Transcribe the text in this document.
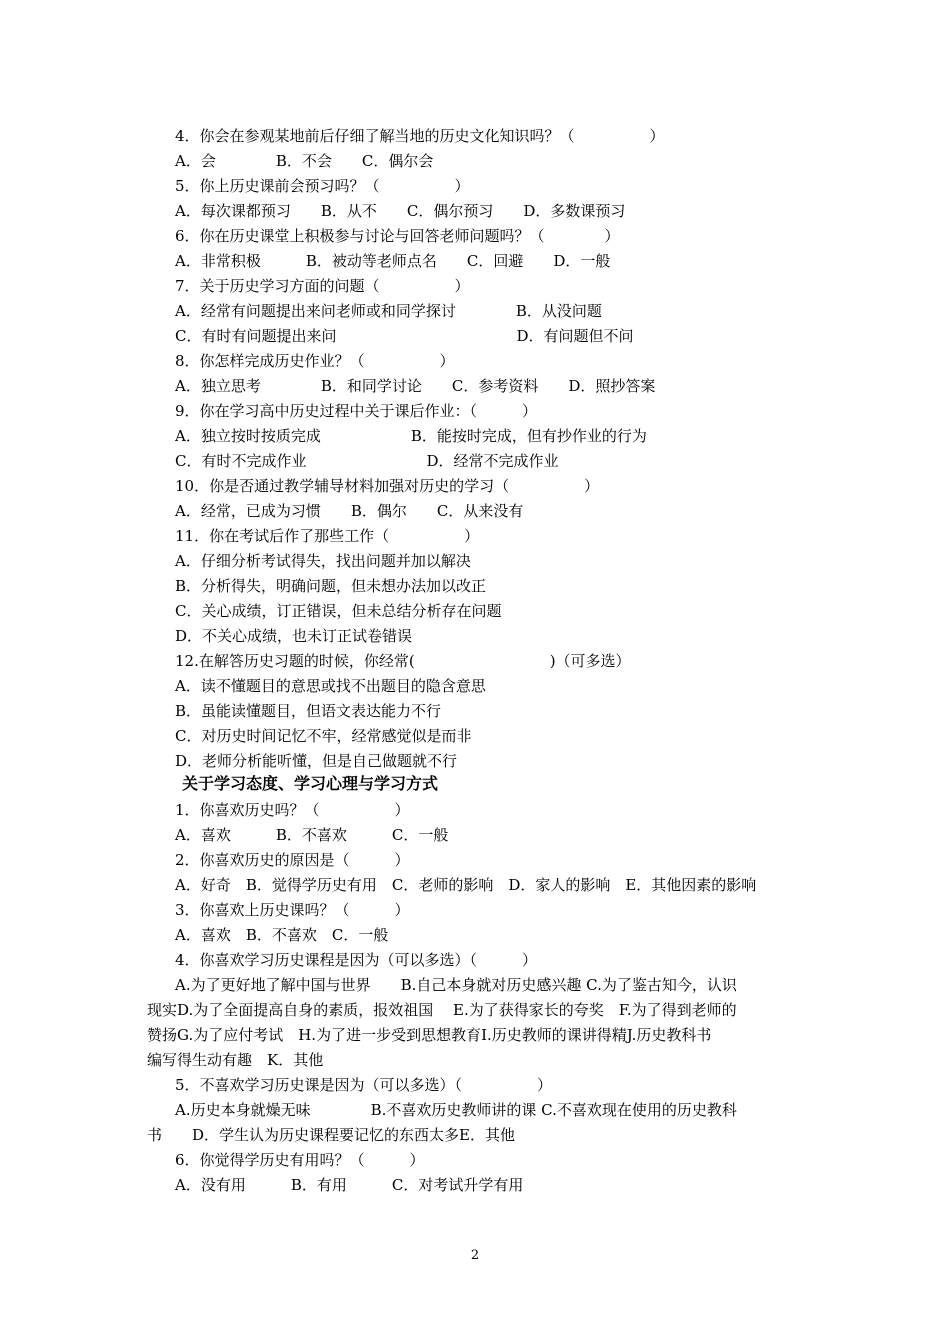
4．你会在参观某地前后仔细了解当地的历史文化知识吗？（　　　　　）
A．会　　　　B．不会　　C．偶尔会
5．你上历史课前会预习吗？（　　　　　）
A．每次课都预习　　B．从不　　C．偶尔预习　　D．多数课预习
6．你在历史课堂上积极参与讨论与回答老师问题吗？（　　　　）
A．非常积极　　　B．被动等老师点名　　C．回避　　D．一般
7．关于历史学习方面的问题（　　　　　）
A．经常有问题提出来问老师或和同学探讨　　　　B．从没问题
C．有时有问题提出来问　　　　　　　　　　　　D．有问题但不问
8．你怎样完成历史作业？（　　　　　）
A．独立思考　　　　B．和同学讨论　　C．参考资料　　D．照抄答案
9．你在学习高中历史过程中关于课后作业：（　　　）
A．独立按时按质完成　　　　　　B．能按时完成，但有抄作业的行为
C．有时不完成作业　　　　　　　　D．经常不完成作业
10．你是否通过教学辅导材料加强对历史的学习（　　　　　）
A．经常，已成为习惯　　B．偶尔　　C．从来没有
11．你在考试后作了那些工作（　　　　　）
A．仔细分析考试得失，找出问题并加以解决
B．分析得失，明确问题，但未想办法加以改正
C．关心成绩，订正错误，但未总结分析存在问题
D．不关心成绩，也未订正试卷错误
12.在解答历史习题的时候，你经常(　　　　　　　　　)（可多选）
A．读不懂题目的意思或找不出题目的隐含意思
B．虽能读懂题目，但语文表达能力不行
C．对历史时间记忆不牢，经常感觉似是而非
D．老师分析能听懂，但是自己做题就不行
关于学习态度、学习心理与学习方式
1．你喜欢历史吗？（　　　　　）
A．喜欢　　　B．不喜欢　　　C．一般
2．你喜欢历史的原因是（　　　）
A．好奇　B．觉得学历史有用　C．老师的影响　D．家人的影响　E．其他因素的影响
3．你喜欢上历史课吗？（　　　）
A．喜欢　B．不喜欢　C．一般
4．你喜欢学习历史课程是因为（可以多选）（　　　）
A.为了更好地了解中国与世界　　B.自己本身就对历史感兴趣 C.为了鉴古知今，认识
现实D.为了全面提高自身的素质，报效祖国　 E.为了获得家长的夸奖　F.为了得到老师的
赞扬G.为了应付考试　H.为了进一步受到思想教育I.历史教师的课讲得精J.历史教科书
编写得生动有趣　K．其他
5．不喜欢学习历史课是因为（可以多选）（　　　　　）
A.历史本身就燥无味　　　　B.不喜欢历史教师讲的课 C.不喜欢现在使用的历史教科
书　　D．学生认为历史课程要记忆的东西太多E．其他
6．你觉得学历史有用吗？（　　　）
A．没有用　　　B．有用　　　C．对考试升学有用
2
